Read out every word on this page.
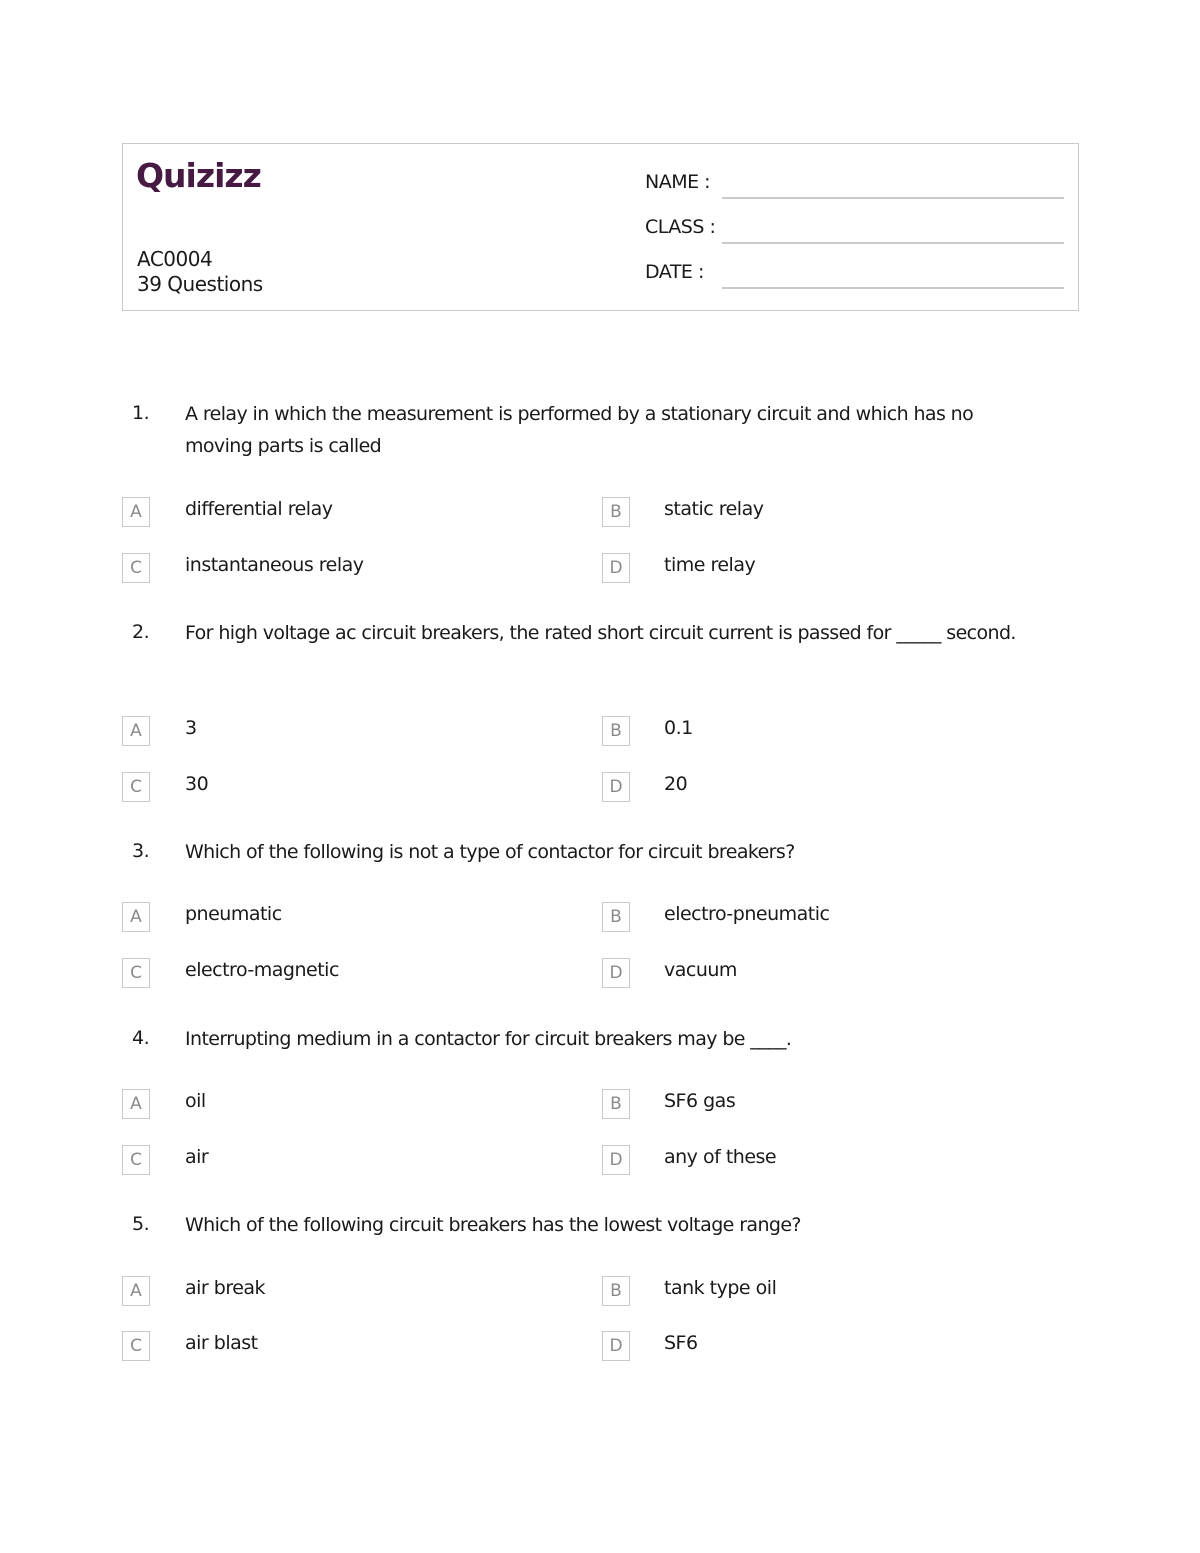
Quizizz
AC0004
39 Questions
NAME :
CLASS :
DATE :
1. A relay in which the measurement is performed by a stationary circuit and which has no moving parts is called
A	differential relay	B	static relay
C	instantaneous relay	D	time relay
2. For high voltage ac circuit breakers, the rated short circuit current is passed for _____ second.
A	3	B	0.1
C	30	D	20
3. Which of the following is not a type of contactor for circuit breakers?
A	pneumatic	B	electro-pneumatic
C	electro-magnetic	D	vacuum
4. Interrupting medium in a contactor for circuit breakers may be ____.
A	oil	B	SF6 gas
C	air	D	any of these
5. Which of the following circuit breakers has the lowest voltage range?
A	air break	B	tank type oil
C	air blast	D	SF6
